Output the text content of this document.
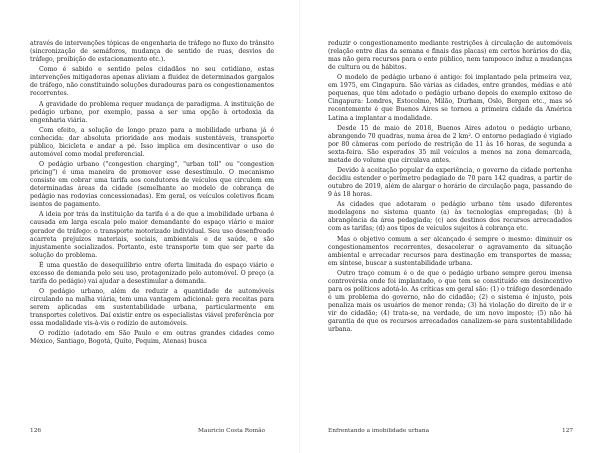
através de intervenções tópicas de engenharia de tráfego no fluxo do trânsito (sincronização de semáforos, mudança de sentido de ruas, desvios de tráfego, proibição de estacionamento etc.).

Como é sabido e sentido pelos cidadãos no seu cotidiano, estas intervenções mitigadoras apenas aliviam a fluidez de determinados gargalos de tráfego, não constituindo soluções duradouras para os congestionamentos recorrentes.

A gravidade do problema requer mudança de paradigma. A instituição de pedágio urbano, por exemplo, passa a ser uma opção à ortodoxia da engenharia viária.

Com efeito, a solução de longo prazo para a mobilidade urbana já é conhecida: dar absoluta prioridade aos modais sustentáveis, transporte público, bicicleta e andar a pé. Isso implica em desincentivar o uso de automóvel como modal preferencial.

O pedágio urbano ("congestion charging", "urban toll" ou "congestion pricing") é uma maneira de promover esse desestímulo. O mecanismo consiste em cobrar uma tarifa aos condutores de veículos que circulem em determinadas áreas da cidade (semelhante ao modelo de cobrança de pedágio nas rodovias concessionadas). Em geral, os veículos coletivos ficam isentos de pagamento.

A ideia por trás da instituição da tarifa é a de que a imobilidade urbana é causada em larga escala pelo maior demandante do espaço viário e maior gerador de tráfego: o transporte motorizado individual. Seu uso desenfreado acarreta prejuízos materiais, sociais, ambientais e de saúde, e são injustamente socializados. Portanto, este transporte tem que ser parte da solução do problema.

É uma questão de desequilíbrio entre oferta limitada do espaço viário e excesso de demanda pelo seu uso, protagonizado pelo automóvel. O preço (a tarifa do pedágio) vai ajudar a desestimular a demanda.

O pedágio urbano, além de reduzir a quantidade de automóveis circulando na malha viária, tem uma vantagem adicional: gera receitas para serem aplicadas em sustentabilidade urbana, particularmente em transportes coletivos. Daí existir entre os especialistas viável preferência por essa modalidade vis-à-vis o rodízio de automóveis.

O rodízio (adotado em São Paulo e em outras grandes cidades como México, Santiago, Bogotá, Quito, Pequim, Atenas) busca

126	Mauricio Costa Romão

reduzir o congestionamento mediante restrições à circulação de automóveis (relação entre dias da semana e finais das placas) em certos horários do dia, mas não gera recursos para o ente público, nem tampouco induz a mudanças de cultura ou de hábitos.

O modelo de pedágio urbano é antigo: foi implantado pela primeira vez, em 1975, em Cingapura. São várias as cidades, entre grandes, médias e até pequenas, que têm adotado o pedágio urbano depois do exemplo exitoso de Cingapura: Londres, Estocolmo, Milão, Durham, Oslo, Bergen etc., mas só recentemente é que Buenos Aires se tornou a primeira cidade da América Latina a implantar a modalidade.

Desde 15 de maio de 2018, Buenos Aires adotou o pedágio urbano, abrangendo 70 quadras, numa área de 2 km². O entorno pedagiado é vigiado por 80 câmeras com período de restrição de 11 às 16 horas, de segunda a sexta-feira. São esperados 35 mil veículos a menos na zona demarcada, metade do volume que circulava antes.

Devido à aceitação popular da experiência, o governo da cidade portenha decidiu estender o perímetro pedagiado de 70 para 142 quadras, a partir de outubro de 2019, além de alargar o horário de circulação paga, passando de 9 às 18 horas.

As cidades que adotaram o pedágio urbano têm usado diferentes modelagens no sistema quanto (a) às tecnologias empregadas; (b) à abrangência da área pedagiada; (c) aos destinos dos recursos arrecadados com as tarifas; (d) aos tipos de veículos sujeitos à cobrança etc.

Mas o objetivo comum a ser alcançado é sempre o mesmo: diminuir os congestionamentos recorrentes, desacelerar o agravamento da situação ambiental e arrecadar recursos para destinação em transportes de massa; em síntese, buscar a sustentabilidade urbana.

Outro traço comum é o de que o pedágio urbano sempre gerou imensa controvérsia onde foi implantado, o que tem se constituído em desincentivo para os políticos adotá-lo. As críticas em geral são: (1) o tráfego desordenado é um problema do governo, não do cidadão; (2) o sistema é injusto, pois penaliza mais os usuários de menor renda; (3) há violação do direito de ir e vir do cidadão; (4) trata-se, na verdade, de um novo imposto; (5) não há garantia de que os recursos arrecadados canalizem-se para sustentabilidade urbana.

Enfrentando a imobilidade urbana	127
